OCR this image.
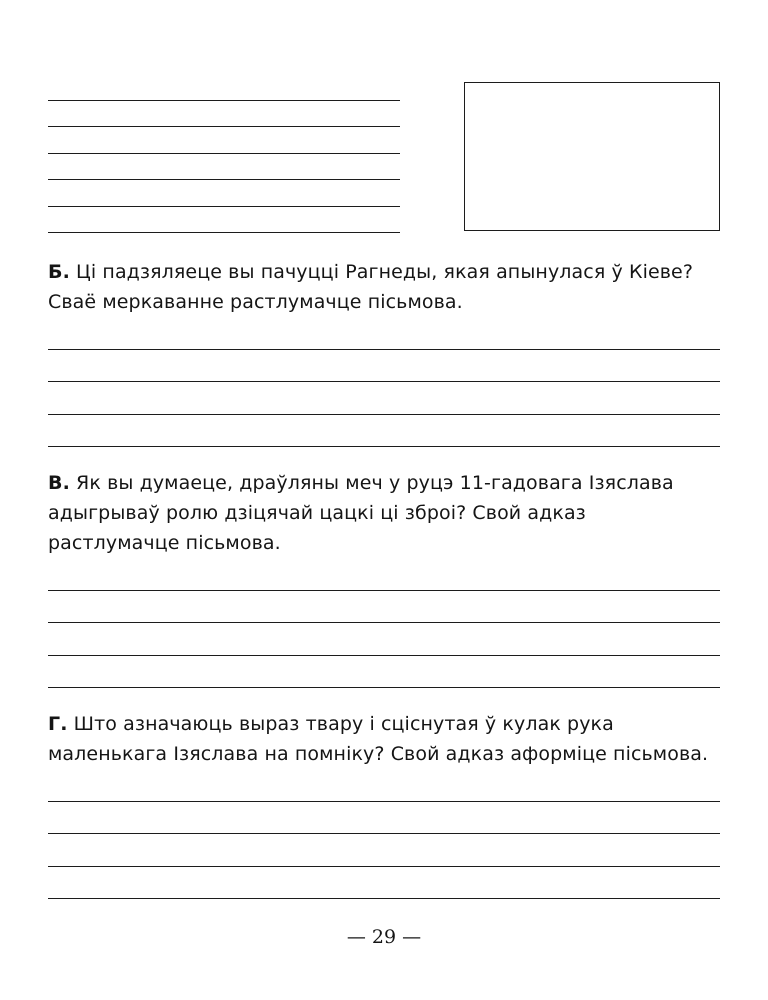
Б. Ці падзяляеце вы пачуцці Рагнеды, якая апынулася ў Кіеве? Сваё меркаванне растлумачце пісьмова.

В. Як вы думаеце, драўляны меч у руцэ 11-гадовага Ізяслава адыгрываў ролю дзіцячай цацкі ці зброі? Свой адказ растлумачце пісьмова.

Г. Што азначаюць выраз твару і сціснутая ў кулак рука маленькага Ізяслава на помніку? Свой адказ аформіце пісьмова.

— 29 —
